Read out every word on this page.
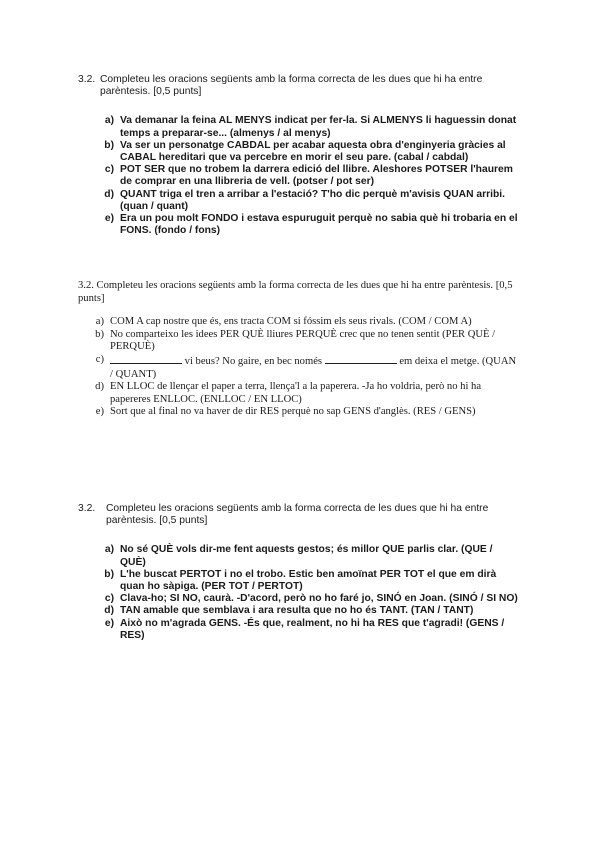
3.2. Completeu les oracions següents amb la forma correcta de les dues que hi ha entre parèntesis. [0,5 punts]
a) Va demanar la feina AL MENYS indicat per fer-la. Si ALMENYS li haguessin donat temps a preparar-se... (almenys / al menys)
b) Va ser un personatge CABDAL per acabar aquesta obra d'enginyeria gràcies al CABAL hereditari que va percebre en morir el seu pare. (cabal / cabdal)
c) POT SER que no trobem la darrera edició del llibre. Aleshores POTSER l'haurem de comprar en una llibreria de vell. (potser / pot ser)
d) QUANT triga el tren a arribar a l'estació? T'ho dic perquè m'avisis QUAN arribi. (quan / quant)
e) Era un pou molt FONDO i estava espuruguit perquè no sabia què hi trobaria en el FONS. (fondo / fons)
3.2. Completeu les oracions següents amb la forma correcta de les dues que hi ha entre parèntesis. [0,5 punts]
a) COM A cap nostre que és, ens tracta COM si fóssim els seus rivals. (COM / COM A)
b) No comparteixo les idees PER QUÈ lliures PERQUÈ crec que no tenen sentit (PER QUÈ / PERQUÈ)
c)	vi beus? No gaire, en bec només	em deixa el metge. (QUAN / QUANT)
d) EN LLOC de llençar el paper a terra, llença'l a la paperera. -Ja ho voldria, però no hi ha papereres ENLLOC. (ENLLOC / EN LLOC)
e) Sort que al final no va haver de dir RES perquè no sap GENS d'anglès. (RES / GENS)
3.2.	Completeu les oracions següents amb la forma correcta de les dues que hi ha entre parèntesis. [0,5 punts]
a) No sé QUÈ vols dir-me fent aquests gestos; és millor QUE parlis clar. (QUE / QUÈ)
b) L'he buscat PERTOT i no el trobo. Estic ben amoïnat PER TOT el que em dirà quan ho sàpiga. (PER TOT / PERTOT)
c) Clava-ho; SI NO, caurà. -D'acord, però no ho faré jo, SINÓ en Joan. (SINÓ / SI NO)
d) TAN amable que semblava i ara resulta que no ho és TANT. (TAN / TANT)
e) Això no m'agrada GENS. -És que, realment, no hi ha RES que t'agradi! (GENS / RES)
